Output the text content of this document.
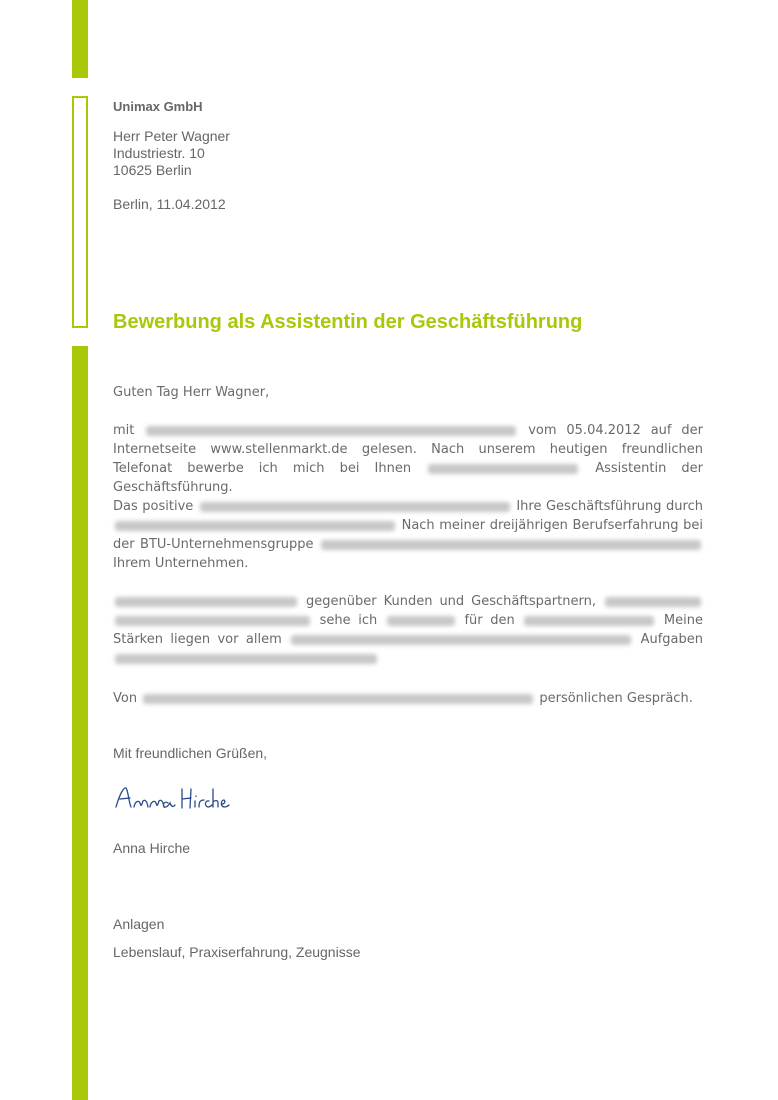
Unimax GmbH
Herr Peter Wagner
Industriestr. 10
10625 Berlin
Berlin, 11.04.2012
Bewerbung als Assistentin der Geschäftsführung
Guten Tag Herr Wagner,
mit	vom 05.04.2012 auf der Internetseite www.stellenmarkt.de gelesen. Nach unserem heutigen freundlichen Telefonat bewerbe ich mich bei Ihnen	Assistentin der Geschäftsführung.
Das positive	Ihre Geschäftsführung durch  Nach meiner dreijährigen Berufserfahrung bei der BTU-Unternehmensgruppe  Ihrem Unternehmen.
gegenüber Kunden und Geschäftspartnern,   sehe ich	für den	Meine Stärken liegen vor allem	Aufgaben
Von	persönlichen Gespräch.
Mit freundlichen Grüßen,
Anna Hirche
Anlagen
Lebenslauf, Praxiserfahrung, Zeugnisse
